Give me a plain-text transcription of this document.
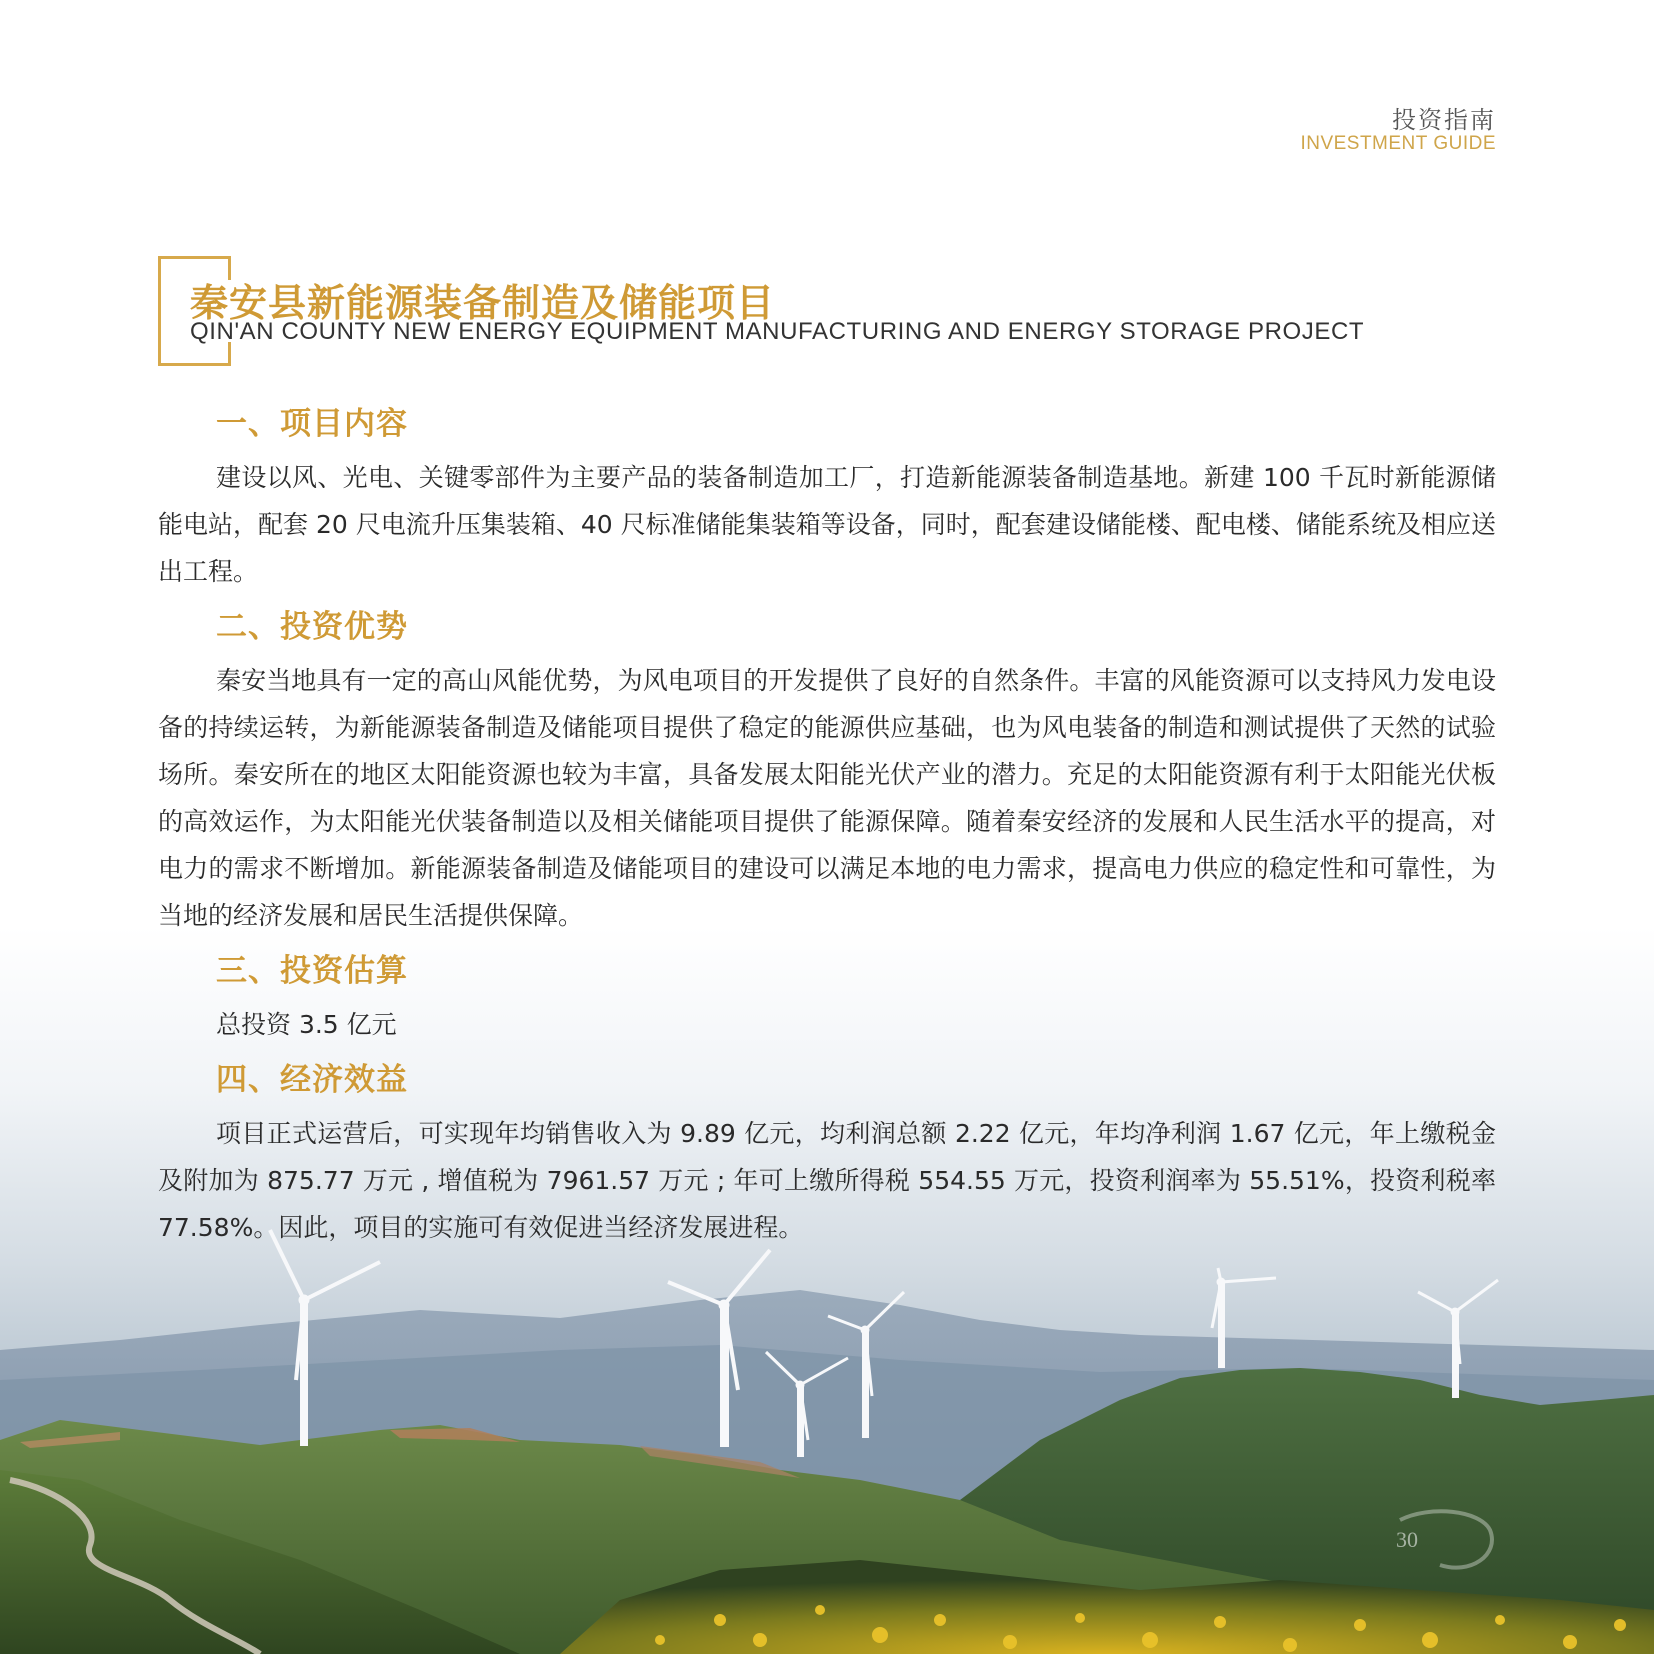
投资指南
INVESTMENT GUIDE
秦安县新能源装备制造及储能项目
QIN'AN COUNTY NEW ENERGY EQUIPMENT MANUFACTURING AND ENERGY STORAGE PROJECT
一、项目内容

建设以风、光电、关键零部件为主要产品的装备制造加工厂，打造新能源装备制造基地。新建 100 千瓦时新能源储能电站，配套 20 尺电流升压集装箱、40 尺标准储能集装箱等设备，同时，配套建设储能楼、配电楼、储能系统及相应送出工程。

二、投资优势

秦安当地具有一定的高山风能优势，为风电项目的开发提供了良好的自然条件。丰富的风能资源可以支持风力发电设备的持续运转，为新能源装备制造及储能项目提供了稳定的能源供应基础，也为风电装备的制造和测试提供了天然的试验场所。秦安所在的地区太阳能资源也较为丰富，具备发展太阳能光伏产业的潜力。充足的太阳能资源有利于太阳能光伏板的高效运作，为太阳能光伏装备制造以及相关储能项目提供了能源保障。随着秦安经济的发展和人民生活水平的提高，对电力的需求不断增加。新能源装备制造及储能项目的建设可以满足本地的电力需求，提高电力供应的稳定性和可靠性，为当地的经济发展和居民生活提供保障。

三、投资估算

总投资 3.5 亿元

四、经济效益

项目正式运营后，可实现年均销售收入为 9.89 亿元，均利润总额 2.22 亿元，年均净利润 1.67 亿元，年上缴税金及附加为 875.77 万元 , 增值税为 7961.57 万元 ; 年可上缴所得税 554.55 万元，投资利润率为 55.51%，投资利税率 77.58%。因此，项目的实施可有效促进当经济发展进程。

30
